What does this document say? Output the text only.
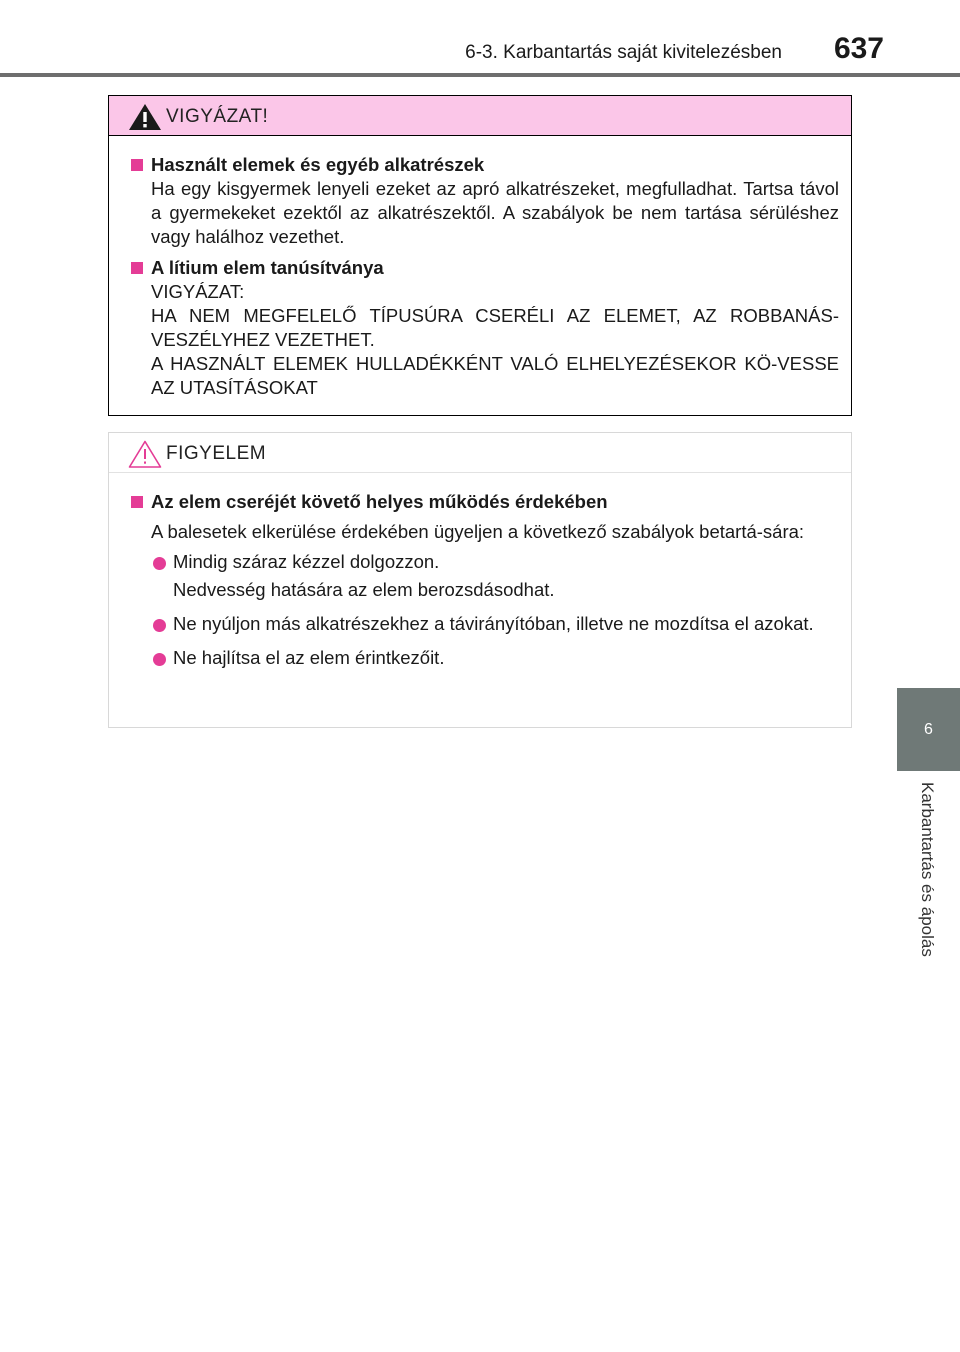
6-3. Karbantartás saját kivitelezésben 637
6
Karbantartás és ápolás
VIGYÁZAT!
Használt elemek és egyéb alkatrészek
Ha egy kisgyermek lenyeli ezeket az apró alkatrészeket, megfulladhat. Tartsa távol a gyermekeket ezektől az alkatrészektől. A szabályok be nem tartása sérüléshez vagy halálhoz vezethet.
A lítium elem tanúsítványa
VIGYÁZAT:
HA NEM MEGFELELŐ TÍPUSÚRA CSERÉLI AZ ELEMET, AZ ROBBANÁS-VESZÉLYHEZ VEZETHET.
A HASZNÁLT ELEMEK HULLADÉKKÉNT VALÓ ELHELYEZÉSEKOR KÖ-VESSE AZ UTASÍTÁSOKAT
FIGYELEM
Az elem cseréjét követő helyes működés érdekében
A balesetek elkerülése érdekében ügyeljen a következő szabályok betartá-sára:
Mindig száraz kézzel dolgozzon.
Nedvesség hatására az elem berozsdásodhat.
Ne nyúljon más alkatrészekhez a távirányítóban, illetve ne mozdítsa el azokat.
Ne hajlítsa el az elem érintkezőit.
